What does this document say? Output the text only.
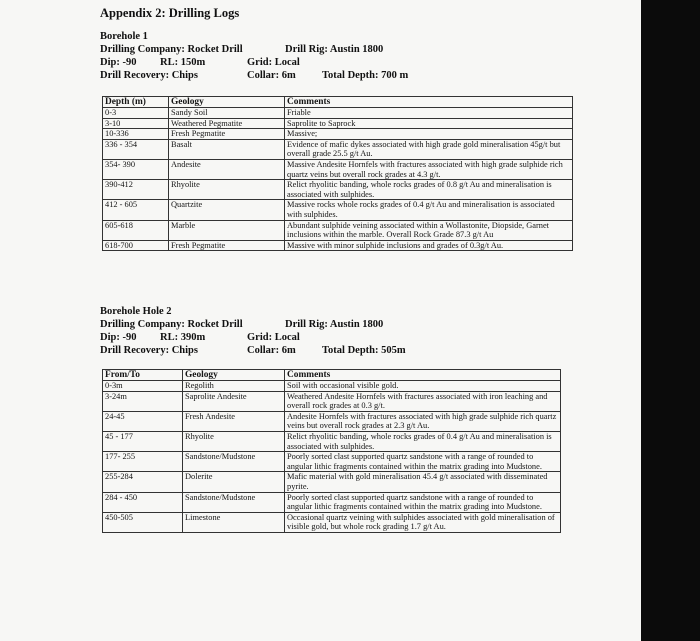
Appendix 2: Drilling Logs
Borehole 1
Drilling Company: Rocket Drill	Drill Rig: Austin 1800
Dip: -90 RL: 150m	Grid: Local
Drill Recovery: Chips	Collar: 6m	Total Depth: 700 m
Depth (m)	Geology	Comments
0-3	Sandy Soil	Friable
3-10	Weathered Pegmatite	Saprolite to Saprock
10-336	Fresh Pegmatite	Massive;
336 - 354	Basalt	Evidence of mafic dykes associated with high grade gold mineralisation 45g/t but overall grade 25.5 g/t Au.
354- 390	Andesite	Massive Andesite Hornfels with fractures associated with high grade sulphide rich quartz veins but overall rock grades at 4.3 g/t.
390-412	Rhyolite	Relict rhyolitic banding, whole rocks grades of 0.8 g/t Au and mineralisation is associated with sulphides.
412 - 605	Quartzite	Massive rocks whole rocks grades of 0.4 g/t Au and mineralisation is associated with sulphides.
605-618	Marble	Abundant sulphide veining associated within a Wollastonite, Diopside, Garnet inclusions within the marble. Overall Rock Grade 87.3 g/t Au
618-700	Fresh Pegmatite	Massive with minor sulphide inclusions and grades of 0.3g/t Au.
Borehole Hole 2
Drilling Company: Rocket Drill	Drill Rig: Austin 1800
Dip: -90 RL: 390m	Grid: Local
Drill Recovery: Chips	Collar: 6m	Total Depth: 505m
From/To	Geology	Comments
0-3m	Regolith	Soil with occasional visible gold.
3-24m	Saprolite Andesite	Weathered Andesite Hornfels with fractures associated with iron leaching and overall rock grades at 0.3 g/t.
24-45	Fresh Andesite	Andesite Hornfels with fractures associated with high grade sulphide rich quartz veins but overall rock grades at 2.3 g/t Au.
45 - 177	Rhyolite	Relict rhyolitic banding, whole rocks grades of 0.4 g/t Au and mineralisation is associated with sulphides.
177- 255	Sandstone/Mudstone	Poorly sorted clast supported quartz sandstone with a range of rounded to angular lithic fragments contained within the matrix grading into Mudstone.
255-284	Dolerite	Mafic material with gold mineralisation 45.4 g/t associated with disseminated pyrite.
284 - 450	Sandstone/Mudstone	Poorly sorted clast supported quartz sandstone with a range of rounded to angular lithic fragments contained within the matrix grading into Mudstone.
450-505	Limestone	Occasional quartz veining with sulphides associated with gold mineralisation of visible gold, but whole rock grading 1.7 g/t Au.
